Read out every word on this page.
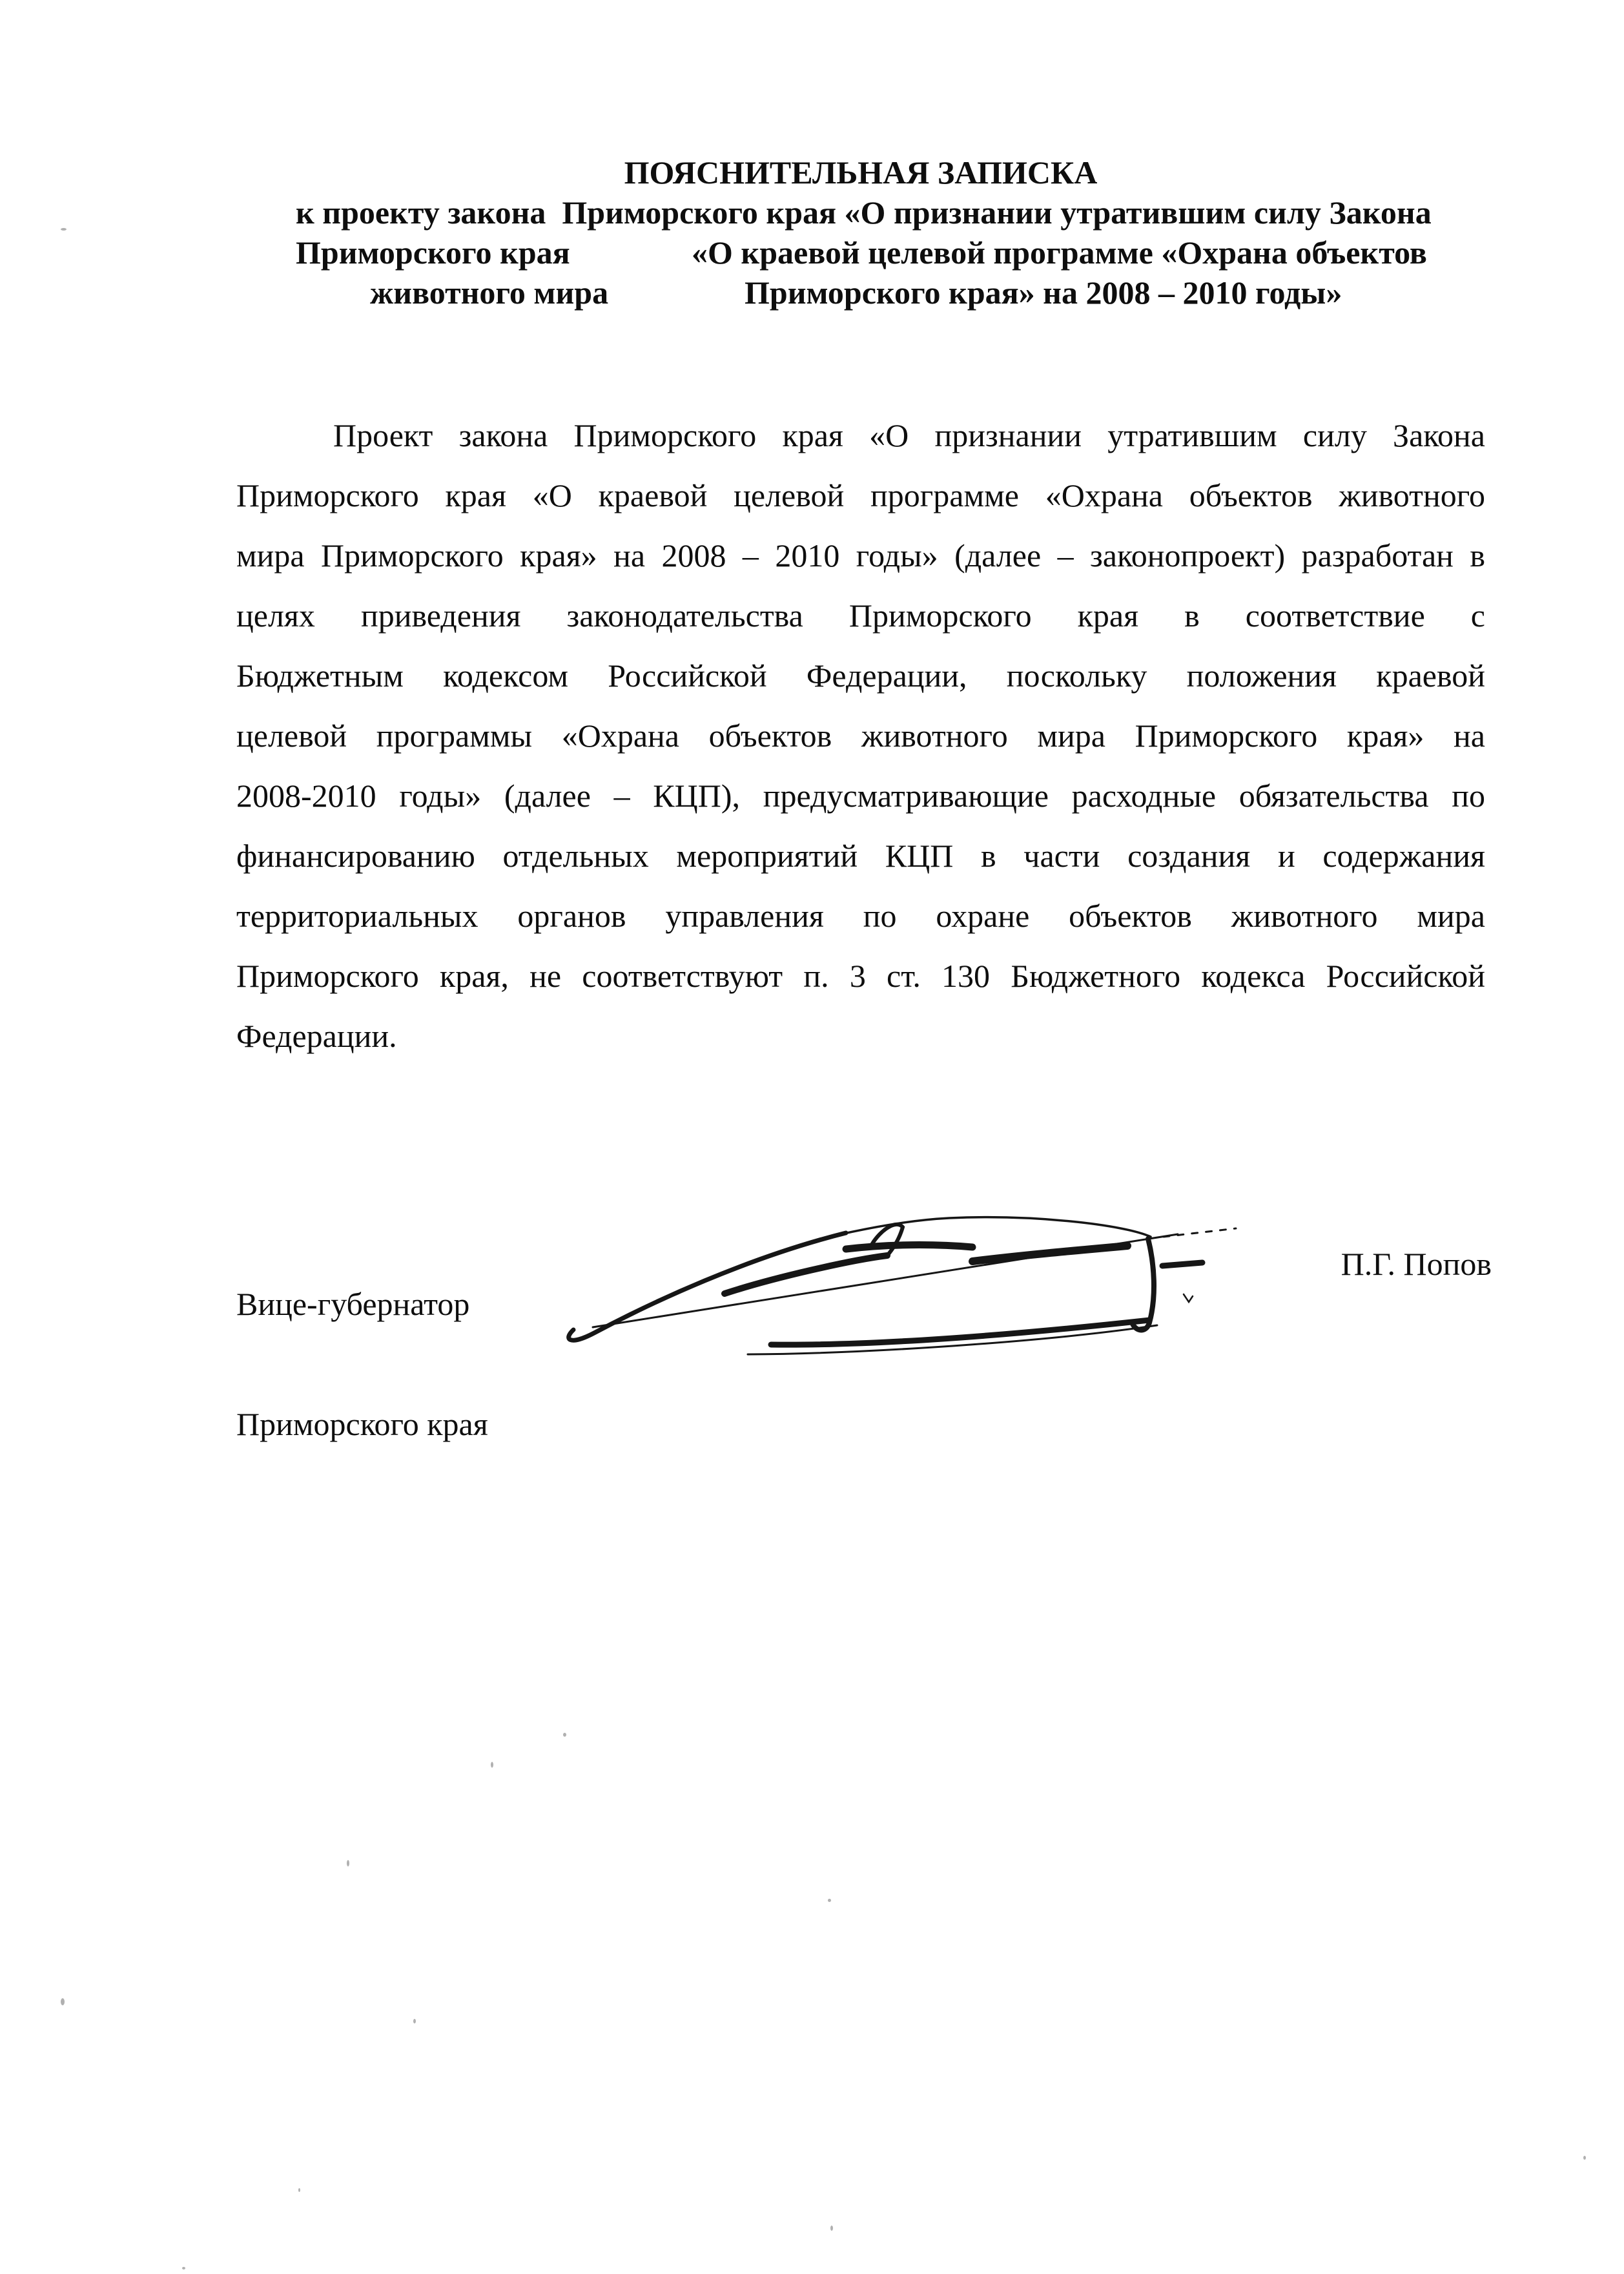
ПОЯСНИТЕЛЬНАЯ ЗАПИСКА
к проекту закона  Приморского края «О признании утратившим силу Закона

Приморского края

	«О краевой целевой программе «Охрана объектов

животного мира

	Приморского края» на 2008 – 2010 годы»

Проект закона Приморского края «О признании утратившим силу Закона
Приморского края «О краевой целевой программе «Охрана объектов животного
мира Приморского края» на 2008 – 2010 годы» (далее – законопроект) разработан в
целях приведения законодательства Приморского края в соответствие с
Бюджетным кодексом Российской Федерации, поскольку положения краевой
целевой программы «Охрана объектов животного мира Приморского края» на
2008-2010 годы» (далее – КЦП), предусматривающие расходные обязательства по
финансированию отдельных мероприятий КЦП в части создания и содержания
территориальных органов управления по охране объектов животного мира
Приморского края, не соответствуют п. 3 ст. 130 Бюджетного кодекса Российской
Федерации.

Вице-губернатор

Приморского края

П.Г. Попов
